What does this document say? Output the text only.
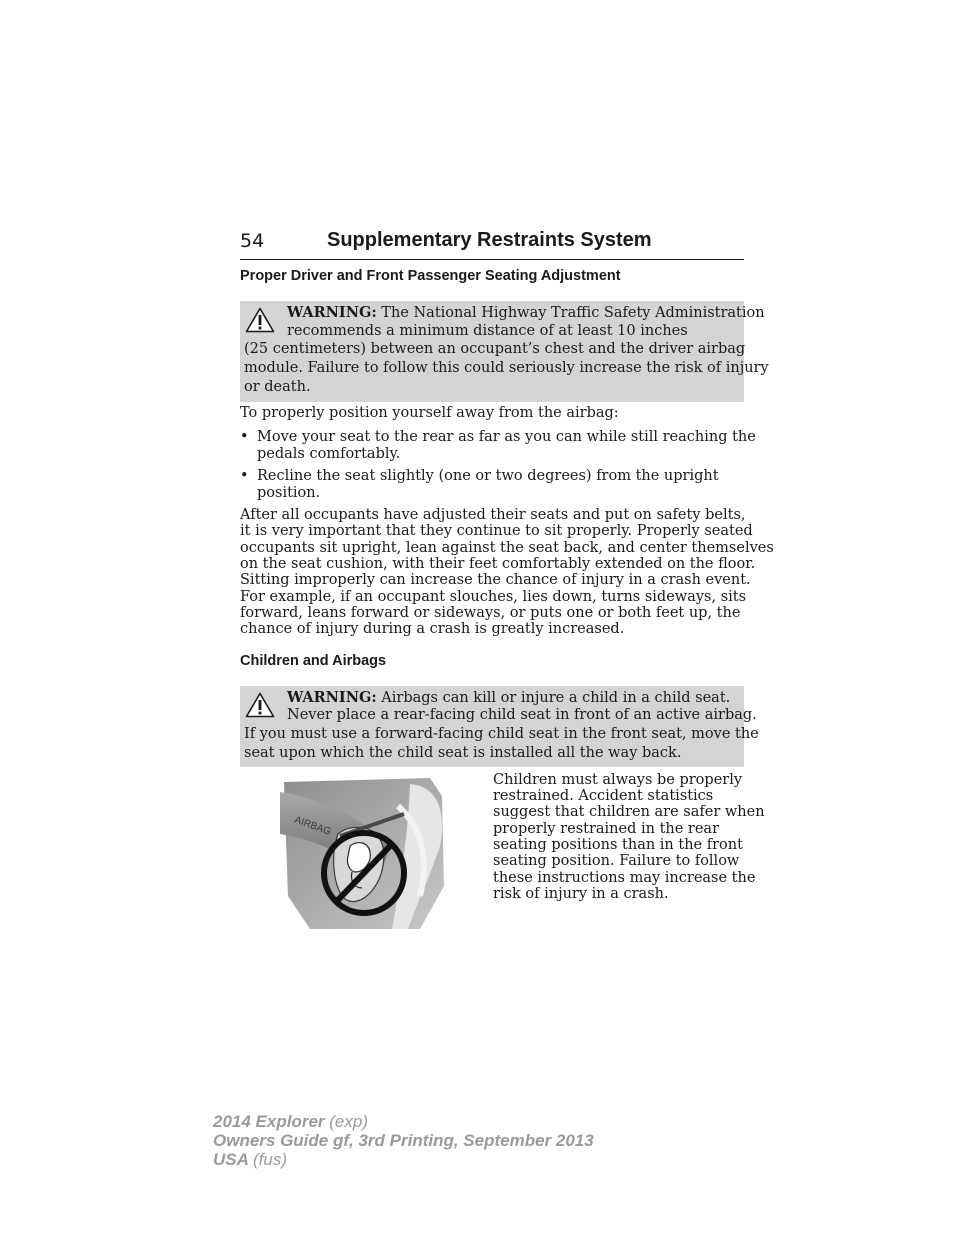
54	Supplementary Restraints System
Proper Driver and Front Passenger Seating Adjustment
WARNING: The National Highway Traffic Safety Administration
recommends a minimum distance of at least 10 inches
(25 centimeters) between an occupant’s chest and the driver airbag
module. Failure to follow this could seriously increase the risk of injury
or death.
To properly position yourself away from the airbag:
• Move your seat to the rear as far as you can while still reaching the
pedals comfortably.
• Recline the seat slightly (one or two degrees) from the upright
position.
After all occupants have adjusted their seats and put on safety belts,
it is very important that they continue to sit properly. Properly seated
occupants sit upright, lean against the seat back, and center themselves
on the seat cushion, with their feet comfortably extended on the floor.
Sitting improperly can increase the chance of injury in a crash event.
For example, if an occupant slouches, lies down, turns sideways, sits
forward, leans forward or sideways, or puts one or both feet up, the
chance of injury during a crash is greatly increased.
Children and Airbags
WARNING: Airbags can kill or injure a child in a child seat.
Never place a rear-facing child seat in front of an active airbag.
If you must use a forward-facing child seat in the front seat, move the
seat upon which the child seat is installed all the way back.
AIRBAG
Children must always be properly
restrained. Accident statistics
suggest that children are safer when
properly restrained in the rear
seating positions than in the front
seating position. Failure to follow
these instructions may increase the
risk of injury in a crash.
2014 Explorer (exp)
Owners Guide gf, 3rd Printing, September 2013
USA (fus)
